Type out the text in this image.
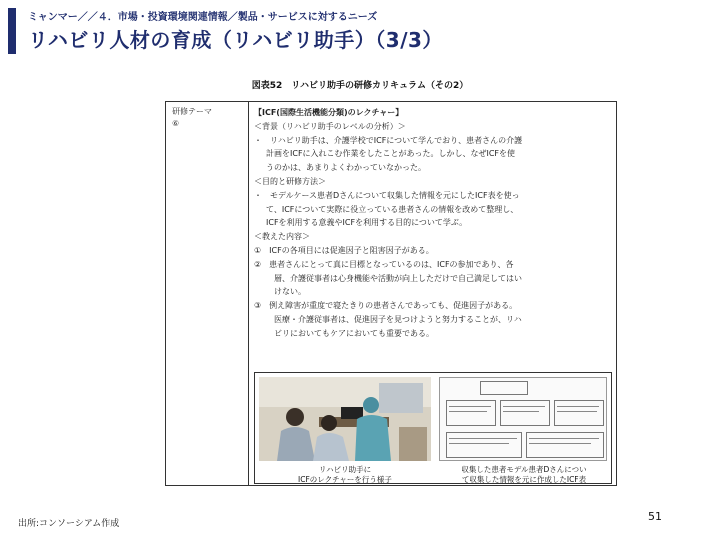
ミャンマー／／４．市場・投資環境関連情報／製品・サービスに対するニーズ
リハビリ人材の育成（リハビリ助手）（3/3）
図表52　リハビリ助手の研修カリキュラム（その2）
研修テーマ
⑥
【ICF(国際生活機能分類)のレクチャー】
＜背景（リハビリ助手のレベルの分析）＞
・　リハビリ助手は、介護学校でICFについて学んでおり、患者さんの介護
計画をICFに入れこむ作業をしたことがあった。しかし、なぜICFを使
うのかは、あまりよくわかっていなかった。
＜目的と研修方法＞
・　モデルケース患者Dさんについて収集した情報を元にしたICF表を使っ
て、ICFについて実際に役立っている患者さんの情報を改めて整理し、
ICFを利用する意義やICFを利用する目的について学ぶ。
＜教えた内容＞
①　ICFの各項目には促進因子と阻害因子がある。
②　患者さんにとって真に目標となっているのは、ICFの参加であり、各
層、介護従事者は心身機能や活動が向上しただけで自己満足してはい
けない。
③　例え障害が重度で寝たきりの患者さんであっても、促進因子がある。
医療・介護従事者は、促進因子を見つけようと努力することが、リハ
ビリにおいてもケアにおいても重要である。
リハビリ助手に
ICFのレクチャーを行う様子
収集した患者モデル患者Dさんについ
て収集した情報を元に作成したICF表
出所:コンソーシアム作成
51
